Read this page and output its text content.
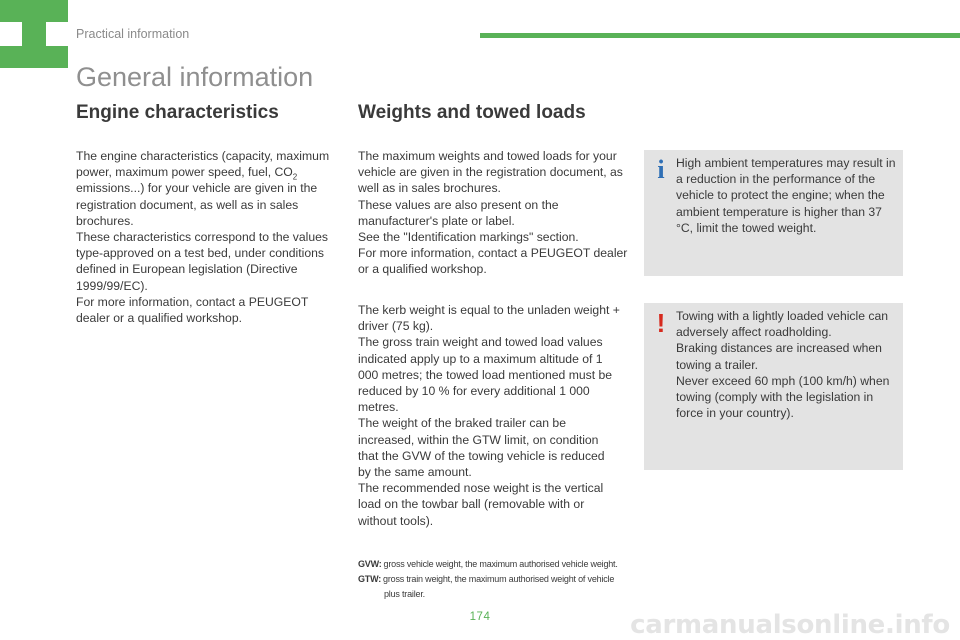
Practical information
General information
Engine characteristics	Weights and towed loads

The engine characteristics (capacity, maximum power, maximum power speed, fuel, $CO_2$ emissions...) for your vehicle are given in the registration document, as well as in sales brochures.

These characteristics correspond to the values type-approved on a test bed, under conditions defined in European legislation (Directive 1999/99/EC).

For more information, contact a PEUGEOT dealer or a qualified workshop.

The maximum weights and towed loads for your vehicle are given in the registration document, as well as in sales brochures.

These values are also present on the manufacturer's plate or label.

See the "Identification markings" section.

For more information, contact a PEUGEOT dealer or a qualified workshop.

The kerb weight is equal to the unladen weight + driver (75 kg).

The gross train weight and towed load values indicated apply up to a maximum altitude of 1 000 metres; the towed load mentioned must be reduced by 10 % for every additional 1 000 metres.

The weight of the braked trailer can be increased, within the GTW limit, on condition that the GVW of the towing vehicle is reduced by the same amount.

The recommended nose weight is the vertical load on the towbar ball (removable with or without tools).

GVW: gross vehicle weight, the maximum authorised vehicle weight.
GTW: gross train weight, the maximum authorised weight of vehicle
plus trailer.
i High ambient temperatures may result in a reduction in the performance of the vehicle to protect the engine; when the ambient temperature is higher than 37 °C, limit the towed weight.

! Towing with a lightly loaded vehicle can adversely affect roadholding.

Braking distances are increased when towing a trailer.

Never exceed 60 mph (100 km/h) when towing (comply with the legislation in force in your country).

174	carmanualsonline.info
